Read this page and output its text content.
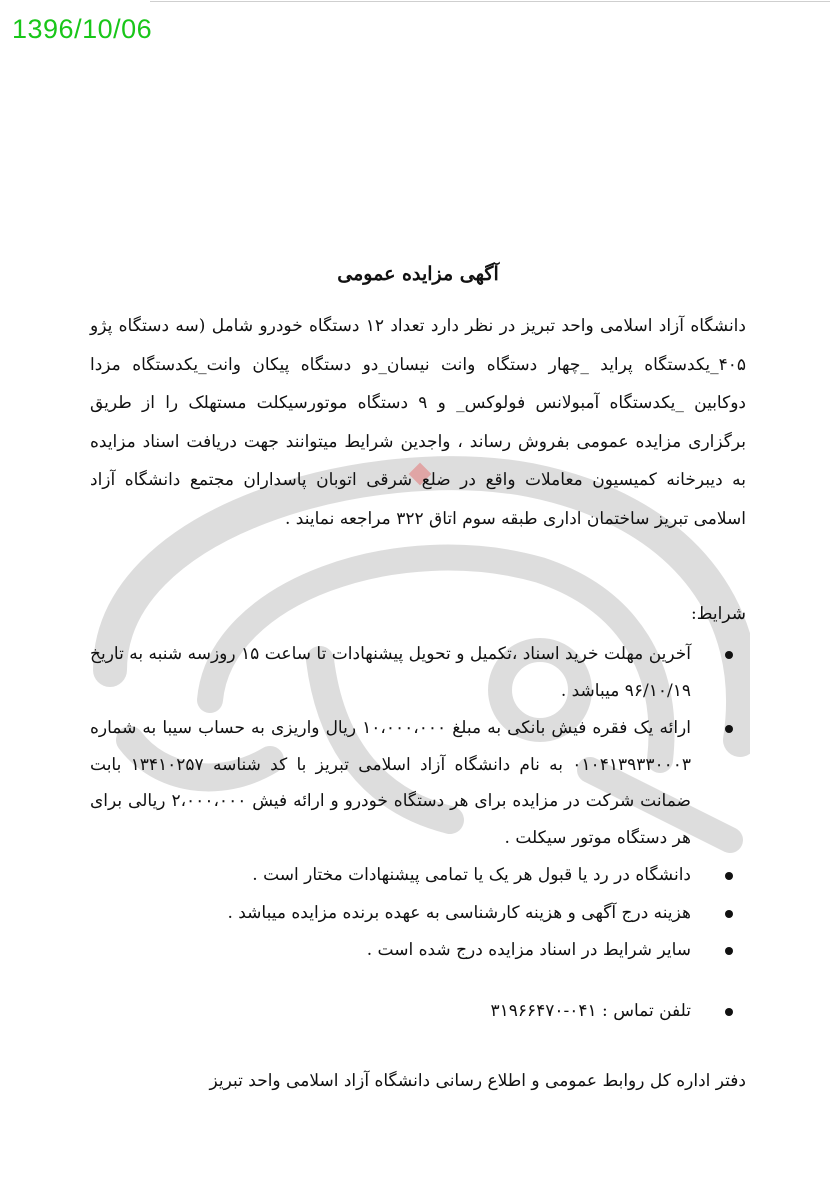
1396/10/06
آگهی مزایده عمومی

دانشگاه آزاد اسلامی واحد تبریز در نظر دارد تعداد ۱۲ دستگاه خودرو شامل (سه دستگاه پژو ۴۰۵_یکدستگاه پراید _چهار دستگاه وانت نیسان_دو دستگاه پیکان وانت_یکدستگاه مزدا دوکابین _یکدستگاه آمبولانس فولوکس_ و ۹ دستگاه موتورسیکلت مستهلک را از طریق برگزاری مزایده عمومی بفروش رساند ، واجدین شرایط میتوانند جهت دریافت اسناد مزایده به دیبرخانه کمیسیون معاملات واقع در ضلع شرقی اتوبان پاسداران مجتمع دانشگاه آزاد اسلامی تبریز ساختمان اداری طبقه سوم اتاق ۳۲۲ مراجعه نمایند .

شرایط:
آخرین مهلت خرید اسناد ،تکمیل و تحویل پیشنهادات تا ساعت ۱۵ روزسه شنبه به تاریخ ۹۶/۱۰/۱۹ میباشد .
ارائه یک فقره فیش بانکی به مبلغ ۱۰،۰۰۰،۰۰۰ ریال واریزی به حساب سیبا به شماره ۰۱۰۴۱۳۹۳۳۰۰۰۳ به نام دانشگاه آزاد اسلامی تبریز با کد شناسه ۱۳۴۱۰۲۵۷ بابت ضمانت شرکت در مزایده برای هر دستگاه خودرو و ارائه فیش ۲،۰۰۰،۰۰۰ ریالی برای هر دستگاه موتور سیکلت .
دانشگاه در رد یا قبول هر یک یا تمامی پیشنهادات مختار است .
هزینه درج آگهی و هزینه کارشناسی به عهده برنده مزایده میباشد .
سایر شرایط در اسناد مزایده درج شده است .
تلفن تماس : ۰۴۱-۳۱۹۶۶۴۷۰
دفتر اداره کل روابط عمومی و اطلاع رسانی دانشگاه آزاد اسلامی واحد تبریز
